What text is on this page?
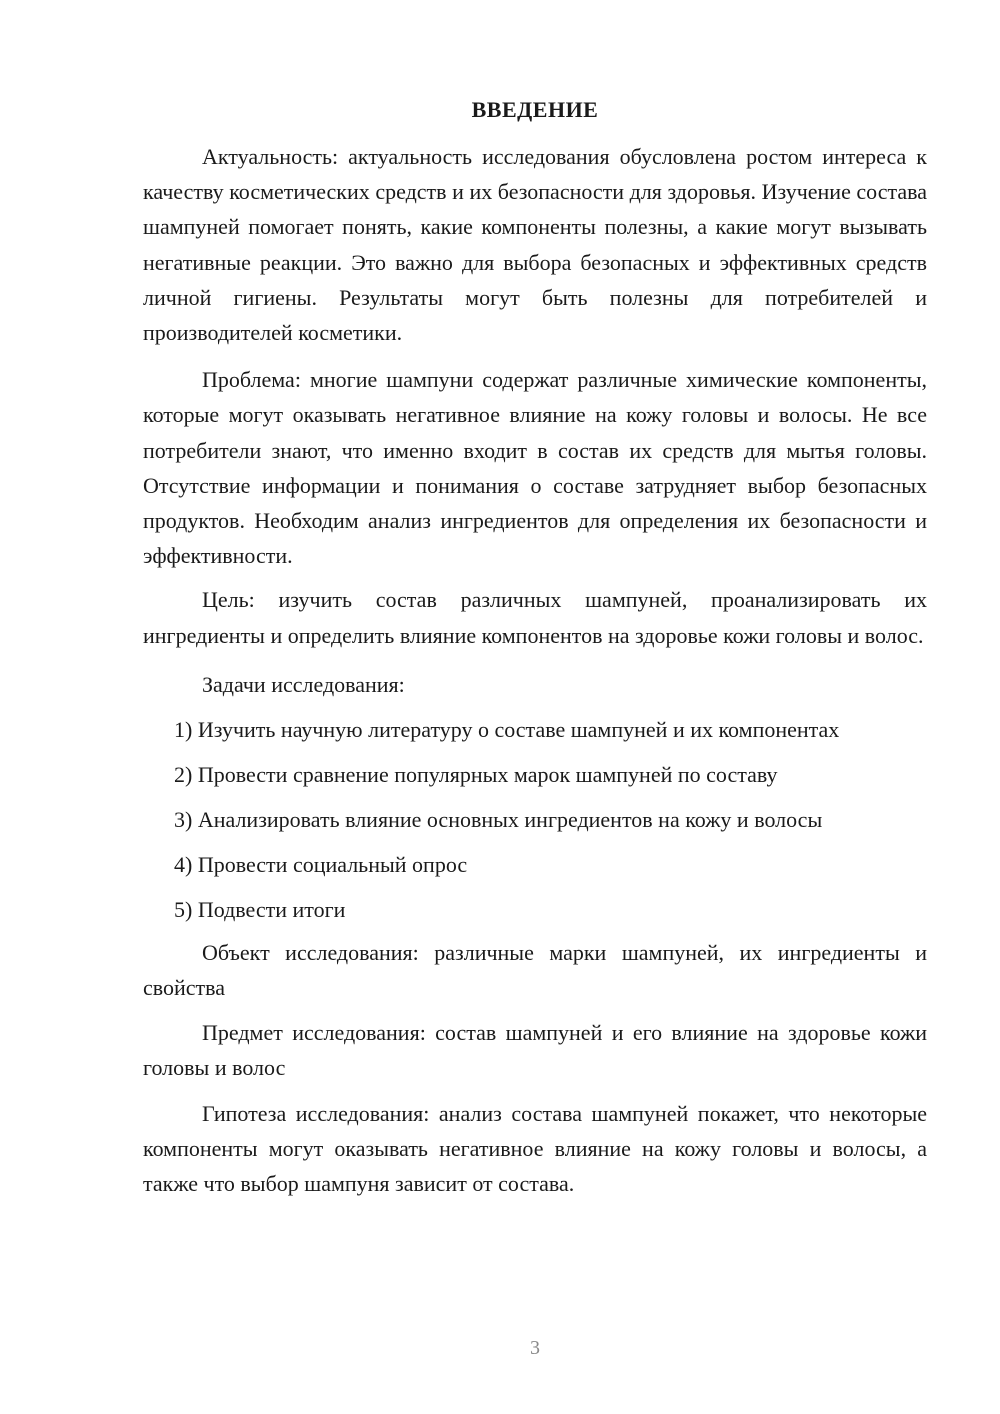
ВВЕДЕНИЕ

Актуальность: актуальность исследования обусловлена ростом интереса к качеству косметических средств и их безопасности для здоровья. Изучение состава шампуней помогает понять, какие компоненты полезны, а какие могут вызывать негативные реакции. Это важно для выбора безопасных и эффективных средств личной гигиены. Результаты могут быть полезны для потребителей и производителей косметики.

Проблема: многие шампуни содержат различные химические компоненты, которые могут оказывать негативное влияние на кожу головы и волосы. Не все потребители знают, что именно входит в состав их средств для мытья головы. Отсутствие информации и понимания о составе затрудняет выбор безопасных продуктов. Необходим анализ ингредиентов для определения их безопасности и эффективности.

Цель: изучить состав различных шампуней, проанализировать их ингредиенты и определить влияние компонентов на здоровье кожи головы и волос.

Задачи исследования:

1) Изучить научную литературу о составе шампуней и их компонентах
2) Провести сравнение популярных марок шампуней по составу
3) Анализировать влияние основных ингредиентов на кожу и волосы
4) Провести социальный опрос
5) Подвести итоги

Объект исследования: различные марки шампуней, их ингредиенты и свойства

Предмет исследования: состав шампуней и его влияние на здоровье кожи головы и волос

Гипотеза исследования: анализ состава шампуней покажет, что некоторые компоненты могут оказывать негативное влияние на кожу головы и волосы, а также что выбор шампуня зависит от состава.

3
